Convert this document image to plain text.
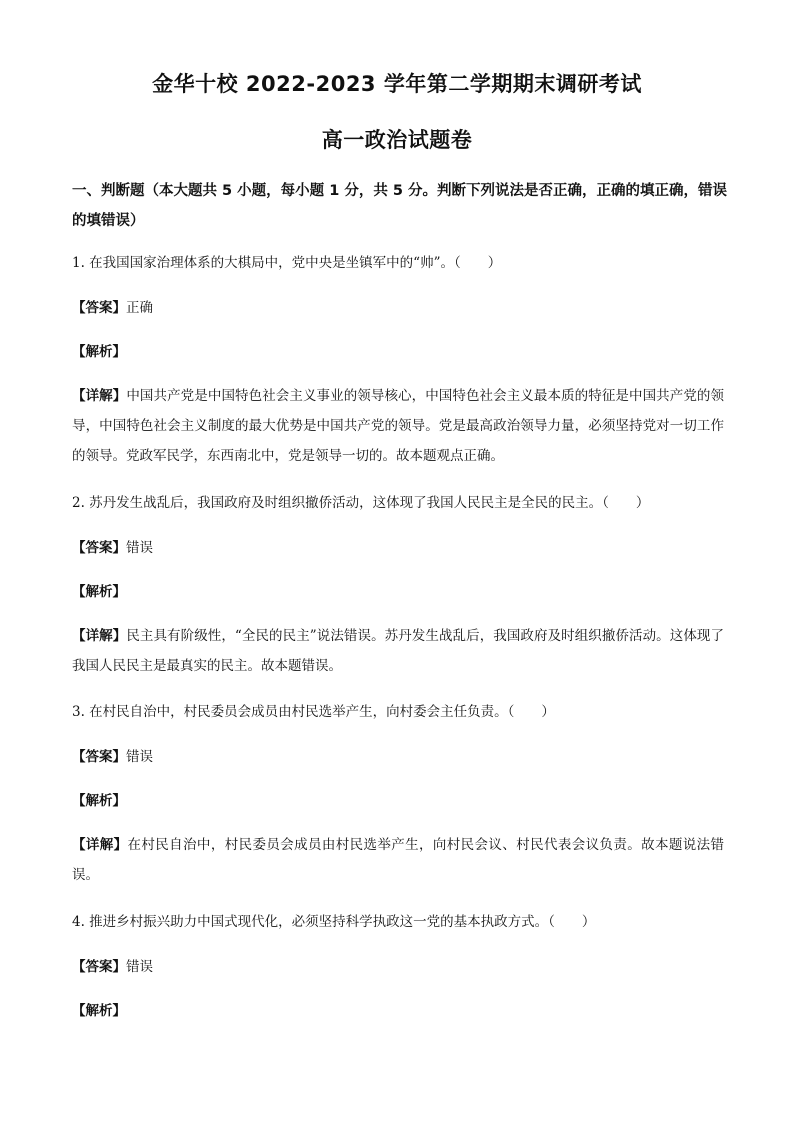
金华十校 2022-2023 学年第二学期期末调研考试
高一政治试题卷
一、判断题（本大题共 5 小题，每小题 1 分，共 5 分。判断下列说法是否正确，正确的填正确，错误的填错误）
1. 在我国国家治理体系的大棋局中，党中央是坐镇军中的“帅”。（　　）
【答案】正确
【解析】
【详解】中国共产党是中国特色社会主义事业的领导核心，中国特色社会主义最本质的特征是中国共产党的领导，中国特色社会主义制度的最大优势是中国共产党的领导。党是最高政治领导力量，必须坚持党对一切工作的领导。党政军民学，东西南北中，党是领导一切的。故本题观点正确。
2. 苏丹发生战乱后，我国政府及时组织撤侨活动，这体现了我国人民民主是全民的民主。（　　）
【答案】错误
【解析】
【详解】民主具有阶级性，“全民的民主”说法错误。苏丹发生战乱后，我国政府及时组织撤侨活动。这体现了我国人民民主是最真实的民主。故本题错误。
3. 在村民自治中，村民委员会成员由村民选举产生，向村委会主任负责。（　　）
【答案】错误
【解析】
【详解】在村民自治中，村民委员会成员由村民选举产生，向村民会议、村民代表会议负责。故本题说法错误。
4. 推进乡村振兴助力中国式现代化，必须坚持科学执政这一党的基本执政方式。（　　）
【答案】错误
【解析】
